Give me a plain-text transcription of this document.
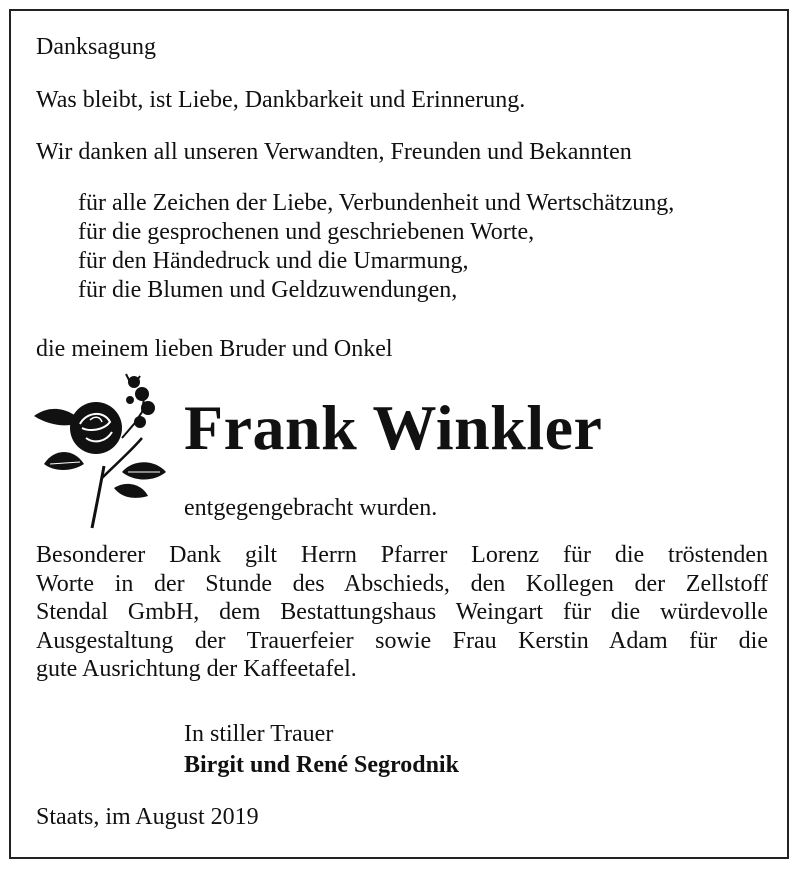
Danksagung
Was bleibt, ist Liebe, Dankbarkeit und Erinnerung.
Wir danken all unseren Verwandten, Freunden und Bekannten
für alle Zeichen der Liebe, Verbundenheit und Wertschätzung,
für die gesprochenen und geschriebenen Worte,
für den Händedruck und die Umarmung,
für die Blumen und Geldzuwendungen,
die meinem lieben Bruder und Onkel
Frank Winkler
entgegengebracht wurden.
Besonderer Dank gilt Herrn Pfarrer Lorenz für die tröstenden
Worte in der Stunde des Abschieds, den Kollegen der Zellstoff
Stendal GmbH, dem Bestattungshaus Weingart für die würdevolle
Ausgestaltung der Trauerfeier sowie Frau Kerstin Adam für die
gute Ausrichtung der Kaffeetafel.
In stiller Trauer
Birgit und René Segrodnik
Staats, im August 2019
